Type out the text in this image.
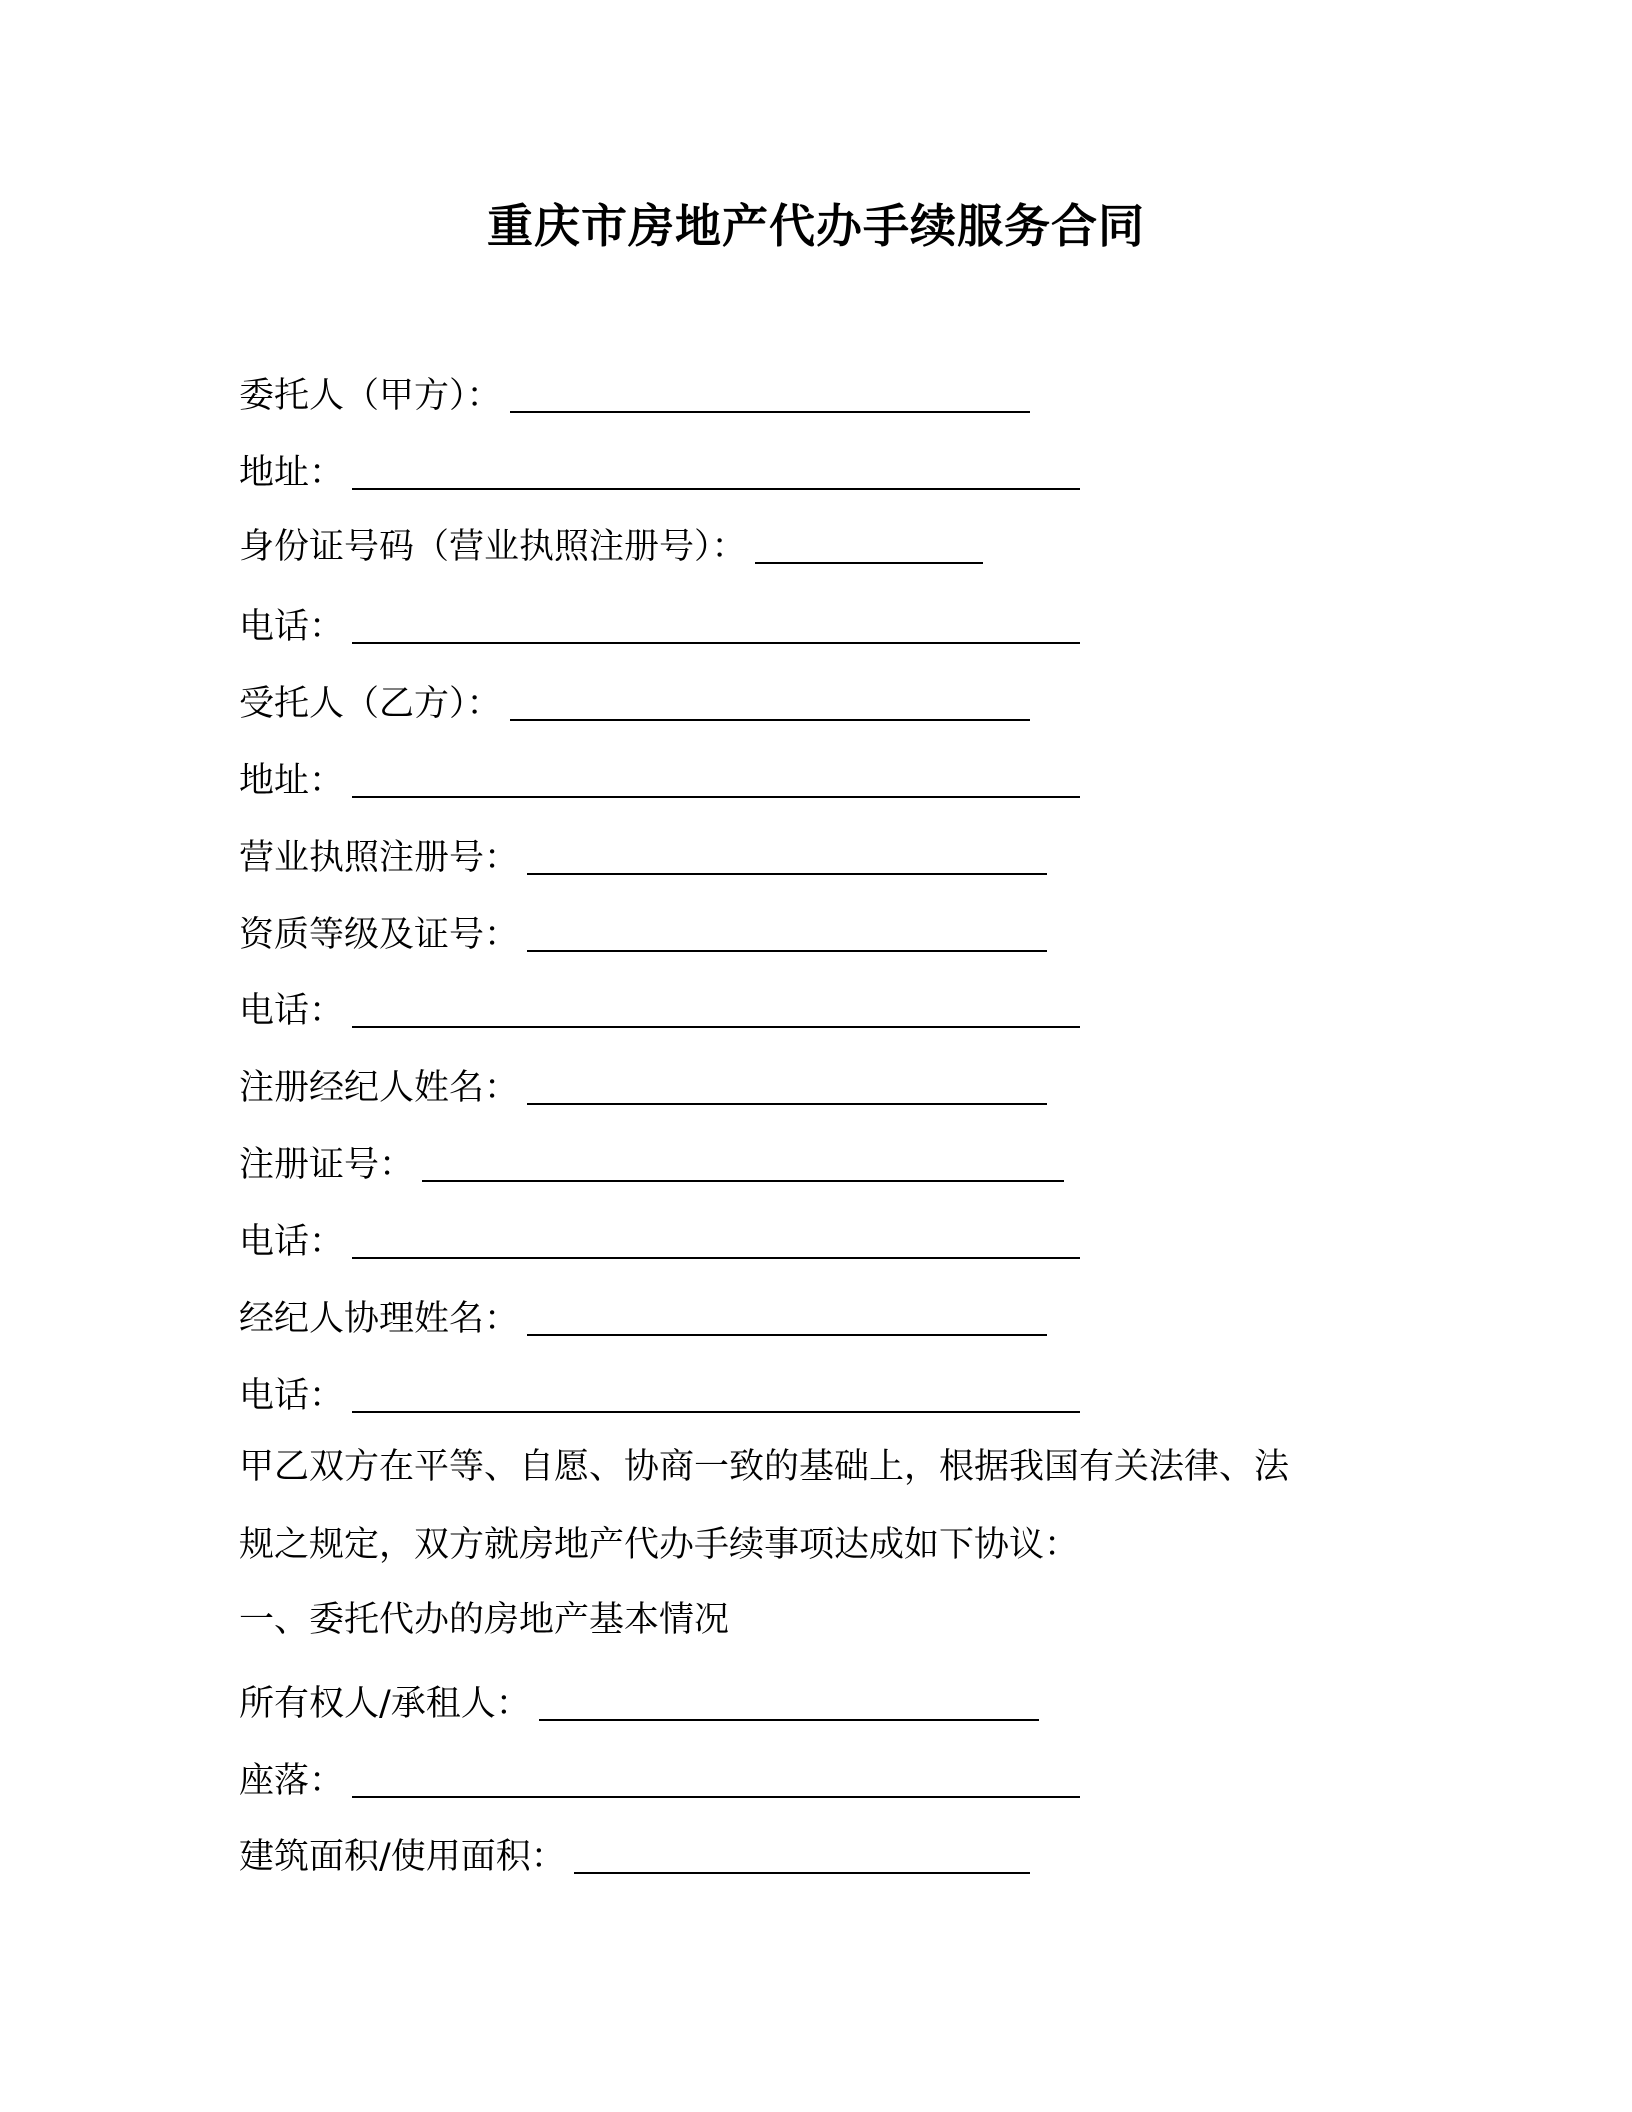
重庆市房地产代办手续服务合同
委托人（甲方）：
地址：
身份证号码（营业执照注册号）：
电话：
受托人（乙方）：
地址：
营业执照注册号：
资质等级及证号：
电话：
注册经纪人姓名：
注册证号：
电话：
经纪人协理姓名：
电话：
甲乙双方在平等、自愿、协商一致的基础上，根据我国有关法律、法
规之规定，双方就房地产代办手续事项达成如下协议：
一、委托代办的房地产基本情况
所有权人/承租人：
座落：
建筑面积/使用面积：
